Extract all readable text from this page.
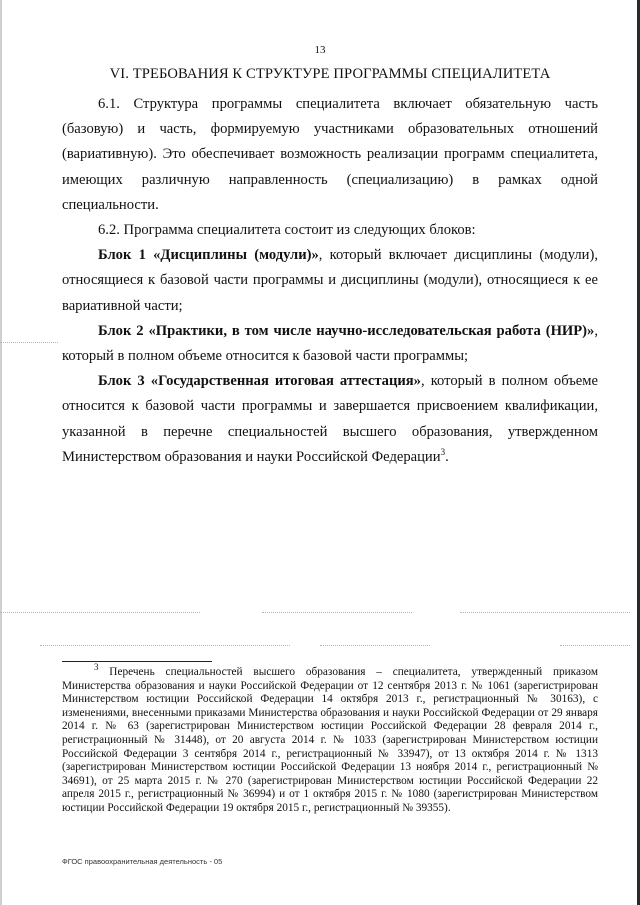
13
VI. ТРЕБОВАНИЯ К СТРУКТУРЕ ПРОГРАММЫ СПЕЦИАЛИТЕТА

6.1. Структура программы специалитета включает обязательную часть (базовую) и часть, формируемую участниками образовательных отношений (вариативную). Это обеспечивает возможность реализации программ специалитета, имеющих различную направленность (специализацию) в рамках одной специальности.

6.2. Программа специалитета состоит из следующих блоков:

Блок 1 «Дисциплины (модули)», который включает дисциплины (модули), относящиеся к базовой части программы и дисциплины (модули), относящиеся к ее вариативной части;

Блок 2 «Практики, в том числе научно-исследовательская работа (НИР)», который в полном объеме относится к базовой части программы;

Блок 3 «Государственная итоговая аттестация», который в полном объеме относится к базовой части программы и завершается присвоением квалификации, указанной в перечне специальностей высшего образования, утвержденном Министерством образования и науки Российской Федерации$^3$.

$^3$ Перечень специальностей высшего образования – специалитета, утвержденный приказом Министерства образования и науки Российской Федерации от 12 сентября 2013 г. № 1061 (зарегистрирован Министерством юстиции Российской Федерации 14 октября 2013 г., регистрационный № 30163), с изменениями, внесенными приказами Министерства образования и науки Российской Федерации от 29 января 2014 г. № 63 (зарегистрирован Министерством юстиции Российской Федерации 28 февраля 2014 г., регистрационный № 31448), от 20 августа 2014 г. № 1033 (зарегистрирован Министерством юстиции Российской Федерации 3 сентября 2014 г., регистрационный № 33947), от 13 октября 2014 г. № 1313 (зарегистрирован Министерством юстиции Российской Федерации 13 ноября 2014 г., регистрационный № 34691), от 25 марта 2015 г. № 270 (зарегистрирован Министерством юстиции Российской Федерации 22 апреля 2015 г., регистрационный № 36994) и от 1 октября 2015 г. № 1080 (зарегистрирован Министерством юстиции Российской Федерации 19 октября 2015 г., регистрационный № 39355).

ФГОС правоохранительная деятельность - 05
